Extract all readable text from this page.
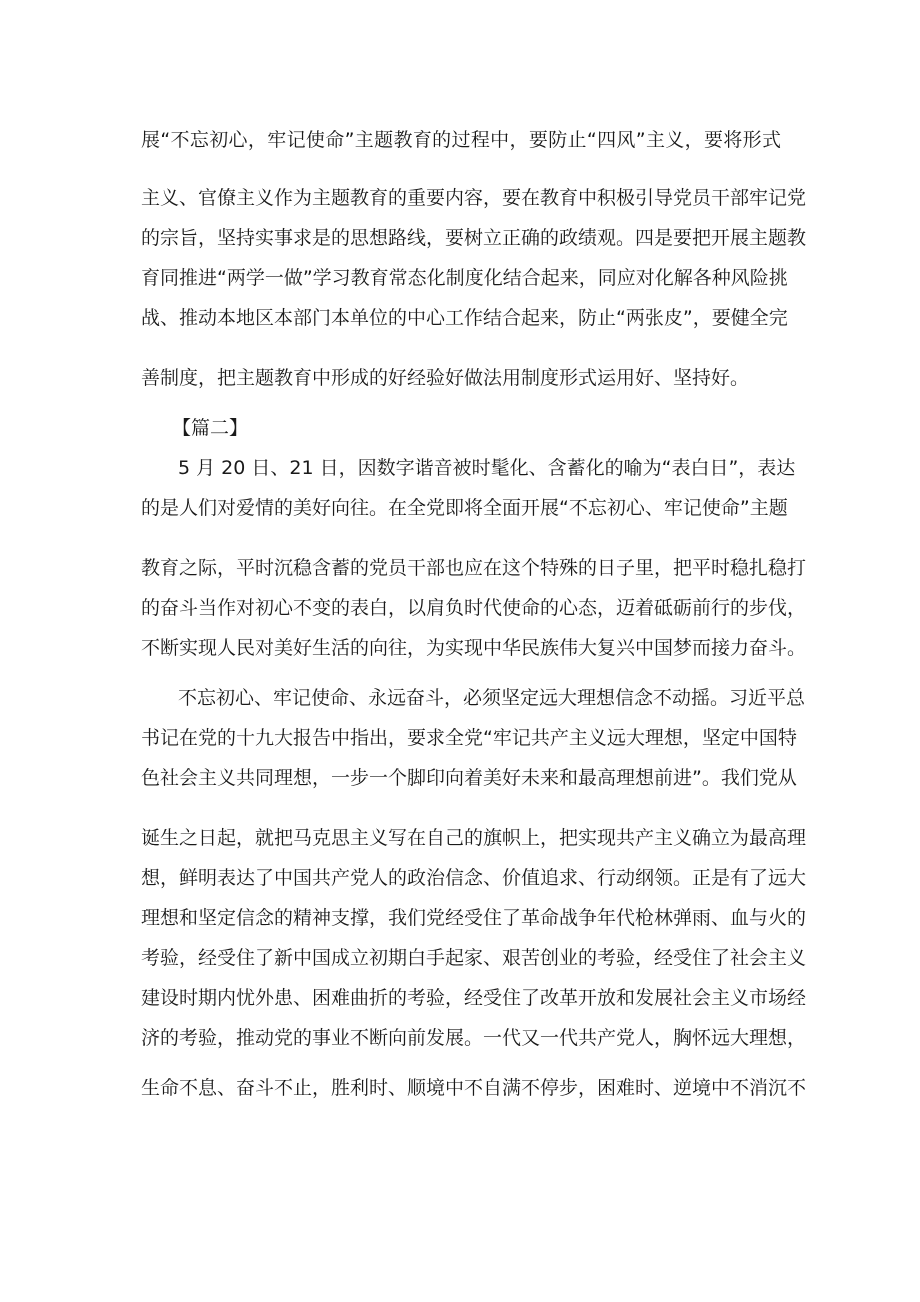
展“不忘初心，牢记使命”主题教育的过程中，要防止“四风”主义，要将形式
主义、官僚主义作为主题教育的重要内容，要在教育中积极引导党员干部牢记党
的宗旨，坚持实事求是的思想路线，要树立正确的政绩观。四是要把开展主题教
育同推进“两学一做”学习教育常态化制度化结合起来，同应对化解各种风险挑
战、推动本地区本部门本单位的中心工作结合起来，防止“两张皮”，要健全完
善制度，把主题教育中形成的好经验好做法用制度形式运用好、坚持好。
【篇二】
5 月 20 日、21 日，因数字谐音被时髦化、含蓄化的喻为“表白日”，表达
的是人们对爱情的美好向往。在全党即将全面开展“不忘初心、牢记使命”主题
教育之际，平时沉稳含蓄的党员干部也应在这个特殊的日子里，把平时稳扎稳打
的奋斗当作对初心不变的表白，以肩负时代使命的心态，迈着砥砺前行的步伐，
不断实现人民对美好生活的向往，为实现中华民族伟大复兴中国梦而接力奋斗。
不忘初心、牢记使命、永远奋斗，必须坚定远大理想信念不动摇。习近平总
书记在党的十九大报告中指出，要求全党“牢记共产主义远大理想，坚定中国特
色社会主义共同理想，一步一个脚印向着美好未来和最高理想前进”。我们党从
诞生之日起，就把马克思主义写在自己的旗帜上，把实现共产主义确立为最高理
想，鲜明表达了中国共产党人的政治信念、价值追求、行动纲领。正是有了远大
理想和坚定信念的精神支撑，我们党经受住了革命战争年代枪林弹雨、血与火的
考验，经受住了新中国成立初期白手起家、艰苦创业的考验，经受住了社会主义
建设时期内忧外患、困难曲折的考验，经受住了改革开放和发展社会主义市场经
济的考验，推动党的事业不断向前发展。一代又一代共产党人，胸怀远大理想，
生命不息、奋斗不止，胜利时、顺境中不自满不停步，困难时、逆境中不消沉不
